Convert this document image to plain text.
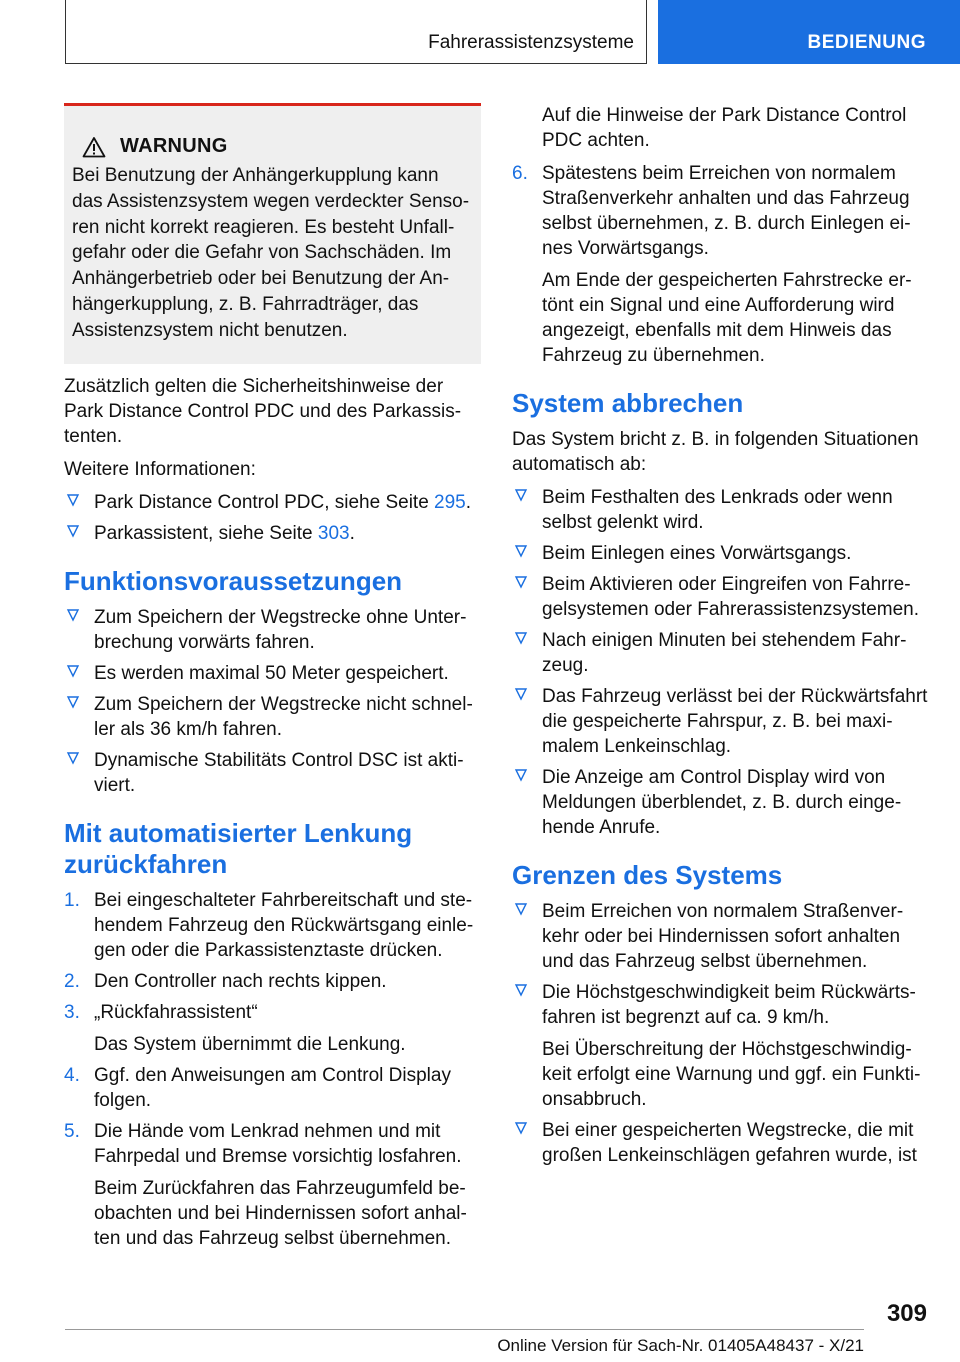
Fahrerassistenzsysteme	BEDIENUNG
WARNUNG
Bei Benutzung der Anhängerkupplung kann das Assistenzsystem wegen verdeckter Sensoren nicht korrekt reagieren. Es besteht Unfallgefahr oder die Gefahr von Sachschäden. Im Anhängerbetrieb oder bei Benutzung der Anhängerkupplung, z. B. Fahrradträger, das Assistenzsystem nicht benutzen.

Zusätzlich gelten die Sicherheitshinweise der Park Distance Control PDC und des Parkassistenten.

Weitere Informationen:

Park Distance Control PDC, siehe Seite 295.
Parkassistent, siehe Seite 303.
Funktionsvoraussetzungen
Zum Speichern der Wegstrecke ohne Unterbrechung vorwärts fahren.
Es werden maximal 50 Meter gespeichert.
Zum Speichern der Wegstrecke nicht schneller als 36 km/h fahren.
Dynamische Stabilitäts Control DSC ist aktiviert.
Mit automatisierter Lenkung zurückfahren
1. Bei eingeschalteter Fahrbereitschaft und stehendem Fahrzeug den Rückwärtsgang einlegen oder die Parkassistenztaste drücken.
2. Den Controller nach rechts kippen.
3. „Rückfahrassistent“
Das System übernimmt die Lenkung.
4. Ggf. den Anweisungen am Control Display folgen.
5. Die Hände vom Lenkrad nehmen und mit Fahrpedal und Bremse vorsichtig losfahren.
Beim Zurückfahren das Fahrzeugumfeld beobachten und bei Hindernissen sofort anhalten und das Fahrzeug selbst übernehmen.

Auf die Hinweise der Park Distance Control PDC achten.

6. Spätestens beim Erreichen von normalem Straßenverkehr anhalten und das Fahrzeug selbst übernehmen, z. B. durch Einlegen eines Vorwärtsgangs.
Am Ende der gespeicherten Fahrstrecke ertönt ein Signal und eine Aufforderung wird angezeigt, ebenfalls mit dem Hinweis das Fahrzeug zu übernehmen.
System abbrechen

Das System bricht z. B. in folgenden Situationen automatisch ab:

Beim Festhalten des Lenkrads oder wenn selbst gelenkt wird.
Beim Einlegen eines Vorwärtsgangs.
Beim Aktivieren oder Eingreifen von Fahrregelsystemen oder Fahrerassistenzsystemen.
Nach einigen Minuten bei stehendem Fahrzeug.
Das Fahrzeug verlässt bei der Rückwärtsfahrt die gespeicherte Fahrspur, z. B. bei maximalem Lenkeinschlag.
Die Anzeige am Control Display wird von Meldungen überblendet, z. B. durch eingehende Anrufe.
Grenzen des Systems
Beim Erreichen von normalem Straßenverkehr oder bei Hindernissen sofort anhalten und das Fahrzeug selbst übernehmen.
Die Höchstgeschwindigkeit beim Rückwärtsfahren ist begrenzt auf ca. 9 km/h.
Bei Überschreitung der Höchstgeschwindigkeit erfolgt eine Warnung und ggf. ein Funktionsabbruch.
Bei einer gespeicherten Wegstrecke, die mit großen Lenkeinschlägen gefahren wurde, ist
309
Online Version für Sach-Nr. 01405A48437 - X/21
